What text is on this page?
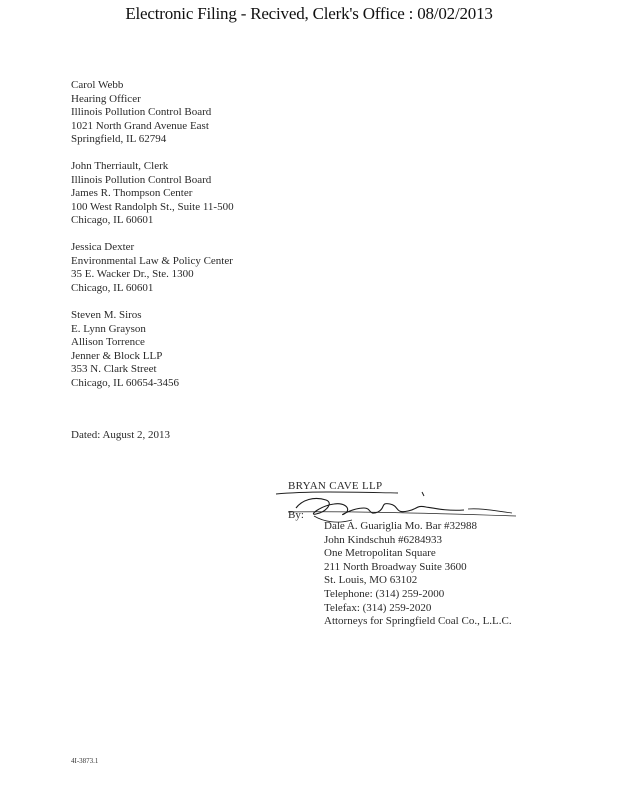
Electronic Filing - Recived, Clerk's Office : 08/02/2013
Carol Webb
Hearing Officer
Illinois Pollution Control Board
1021 North Grand Avenue East
Springfield, IL 62794
John Therriault, Clerk
Illinois Pollution Control Board
James R. Thompson Center
100 West Randolph St., Suite 11-500
Chicago, IL 60601
Jessica Dexter
Environmental Law & Policy Center
35 E. Wacker Dr., Ste. 1300
Chicago, IL 60601
Steven M. Siros
E. Lynn Grayson
Allison Torrence
Jenner & Block LLP
353 N. Clark Street
Chicago, IL 60654-3456
Dated: August 2, 2013
BRYAN CAVE LLP
By:
Dale A. Guariglia Mo. Bar #32988
John Kindschuh #6284933
One Metropolitan Square
211 North Broadway Suite 3600
St. Louis, MO 63102
Telephone: (314) 259-2000
Telefax: (314) 259-2020
Attorneys for Springfield Coal Co., L.L.C.
4I-3873.1
